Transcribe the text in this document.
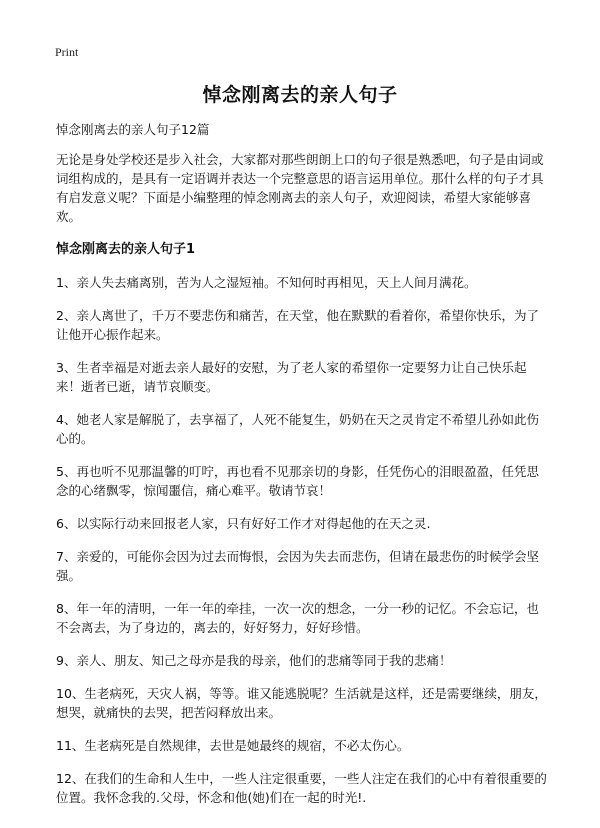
Print
悼念刚离去的亲人句子
悼念刚离去的亲人句子12篇

无论是身处学校还是步入社会，大家都对那些朗朗上口的句子很是熟悉吧，句子是由词或词组构成的，是具有一定语调并表达一个完整意思的语言运用单位。那什么样的句子才具有启发意义呢？下面是小编整理的悼念刚离去的亲人句子，欢迎阅读，希望大家能够喜欢。

悼念刚离去的亲人句子1

1、亲人失去痛离别，苦为人之湿短袖。不知何时再相见，天上人间月满花。

2、亲人离世了，千万不要悲伤和痛苦，在天堂，他在默默的看着你，希望你快乐，为了让他开心振作起来。

3、生者幸福是对逝去亲人最好的安慰，为了老人家的希望你一定要努力让自己快乐起来！逝者已逝，请节哀顺变。

4、她老人家是解脱了，去享福了，人死不能复生，奶奶在天之灵肯定不希望儿孙如此伤心的。

5、再也听不见那温馨的叮咛，再也看不见那亲切的身影，任凭伤心的泪眼盈盈，任凭思念的心绪飘零，惊闻噩信，痛心难平。敬请节哀！

6、以实际行动来回报老人家，只有好好工作才对得起他的在天之灵.

7、亲爱的，可能你会因为过去而悔恨，会因为失去而悲伤，但请在最悲伤的时候学会坚强。

8、年一年的清明，一年一年的牵挂，一次一次的想念，一分一秒的记忆。不会忘记，也不会离去，为了身边的，离去的，好好努力，好好珍惜。

9、亲人、朋友、知己之母亦是我的母亲，他们的悲痛等同于我的悲痛！

10、生老病死，天灾人祸，等等。谁又能逃脱呢？生活就是这样，还是需要继续，朋友，想哭，就痛快的去哭，把苦闷释放出来。

11、生老病死是自然规律，去世是她最终的规宿，不必太伤心。

12、在我们的生命和人生中，一些人注定很重要，一些人注定在我们的心中有着很重要的位置。我怀念我的.父母，怀念和他(她)们在一起的时光!.
